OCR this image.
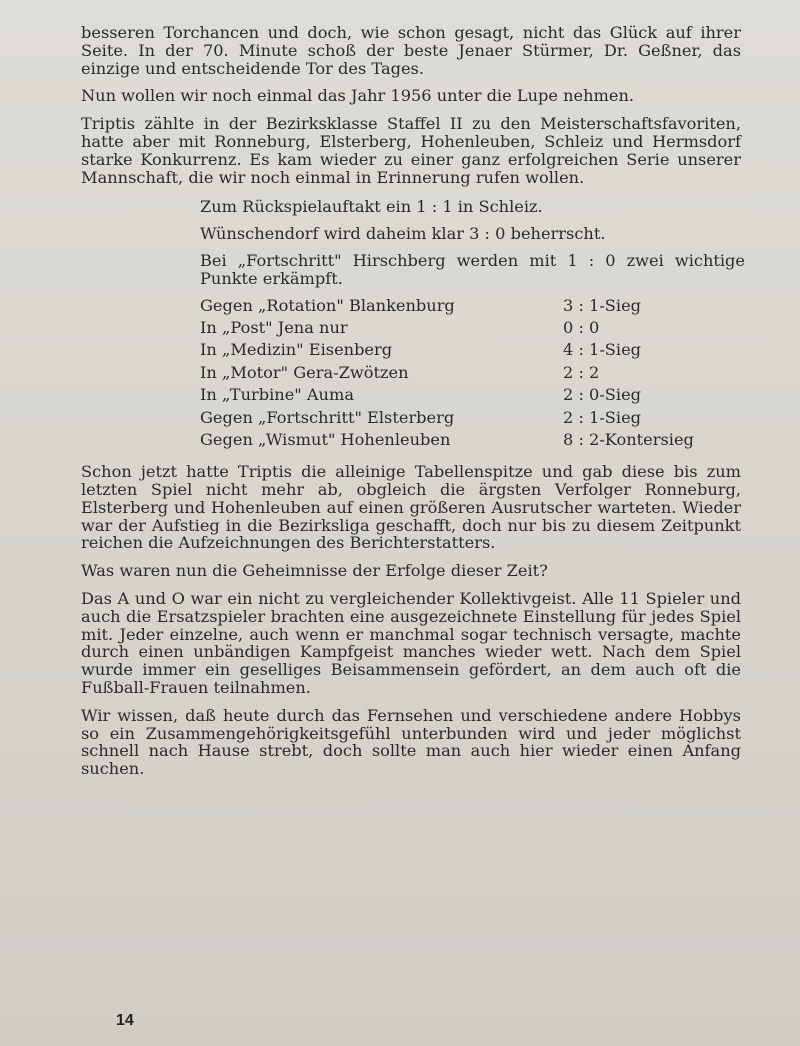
besseren Torchancen und doch, wie schon gesagt, nicht das Glück auf ihrer Seite. In der 70. Minute schoß der beste Jenaer Stürmer, Dr. Geßner, das einzige und entscheidende Tor des Tages.

Nun wollen wir noch einmal das Jahr 1956 unter die Lupe nehmen.

Triptis zählte in der Bezirksklasse Staffel II zu den Meisterschaftsfavoriten, hatte aber mit Ronneburg, Elsterberg, Hohenleuben, Schleiz und Hermsdorf starke Konkurrenz. Es kam wieder zu einer ganz erfolgreichen Serie unserer Mannschaft, die wir noch einmal in Erinnerung rufen wollen.

Zum Rückspielauftakt ein 1 : 1 in Schleiz.

Wünschendorf wird daheim klar 3 : 0 beherrscht.

Bei „Fortschritt" Hirschberg werden mit 1 : 0 zwei wichtige Punkte erkämpft.

Gegen „Rotation" Blankenburg	3 : 1-Sieg
In „Post" Jena nur	0 : 0
In „Medizin" Eisenberg	4 : 1-Sieg
In „Motor" Gera-Zwötzen	2 : 2
In „Turbine" Auma	2 : 0-Sieg
Gegen „Fortschritt" Elsterberg	2 : 1-Sieg
Gegen „Wismut" Hohenleuben	8 : 2-Kontersieg

Schon jetzt hatte Triptis die alleinige Tabellenspitze und gab diese bis zum letzten Spiel nicht mehr ab, obgleich die ärgsten Verfolger Ronneburg, Elsterberg und Hohenleuben auf einen größeren Ausrutscher warteten. Wieder war der Aufstieg in die Bezirksliga geschafft, doch nur bis zu diesem Zeitpunkt reichen die Aufzeichnungen des Berichterstatters.

Was waren nun die Geheimnisse der Erfolge dieser Zeit?

Das A und O war ein nicht zu vergleichender Kollektivgeist. Alle 11 Spieler und auch die Ersatzspieler brachten eine ausgezeichnete Einstellung für jedes Spiel mit. Jeder einzelne, auch wenn er manchmal sogar technisch versagte, machte durch einen unbändigen Kampfgeist manches wieder wett. Nach dem Spiel wurde immer ein geselliges Beisammensein gefördert, an dem auch oft die Fußball-Frauen teilnahmen.

Wir wissen, daß heute durch das Fernsehen und verschiedene andere Hobbys so ein Zusammengehörigkeitsgefühl unterbunden wird und jeder möglichst schnell nach Hause strebt, doch sollte man auch hier wieder einen Anfang suchen.

14
